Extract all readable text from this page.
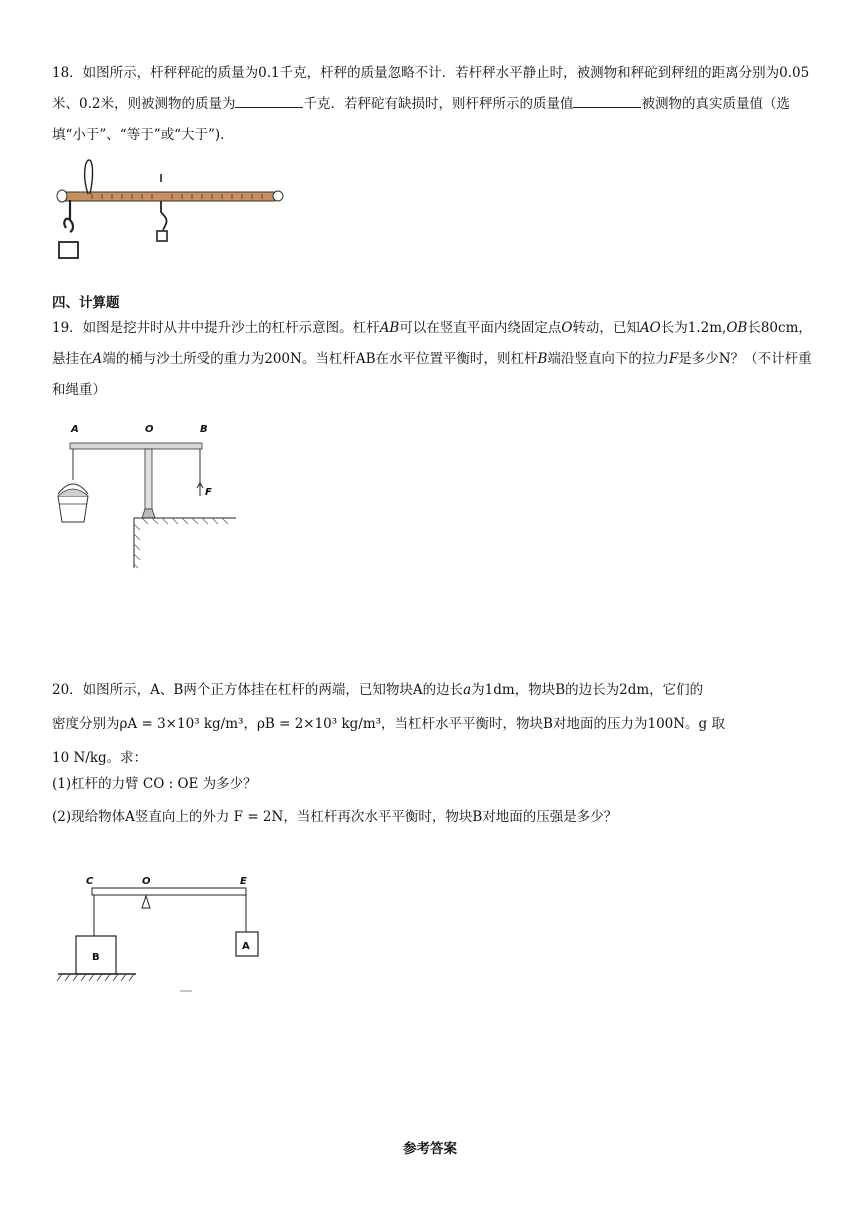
18．如图所示，杆秤秤砣的质量为0.1千克，杆秤的质量忽略不计．若杆秤水平静止时，被测物和秤砣到秤纽的距离分别为0.05米、0.2米，则被测物的质量为	千克．若秤砣有缺损时，则杆秤所示的质量值	被测物的真实质量值（选填“小于”、“等于”或“大于”).

四、计算题

19．如图是挖井时从井中提升沙土的杠杆示意图。杠杆AB可以在竖直平面内绕固定点O转动，已知AO长为1.2m,OB长80cm，悬挂在A端的桶与沙土所受的重力为200N。当杠杆AB在水平位置平衡时，则杠杆B端沿竖直向下的拉力F是多少N？（不计杆重和绳重）

A	O	B
F

20．如图所示，A、B两个正方体挂在杠杆的两端，已知物块A的边长a为1dm，物块B的边长为2dm，它们的
密度分别为ρA = 3×10³ kg/m³，ρB = 2×10³ kg/m³，当杠杆水平平衡时，物块B对地面的压力为100N。g 取
10 N/kg。求：

(1)杠杆的力臂 CO : OE 为多少？

(2)现给物体A竖直向上的外力 F = 2N，当杠杆再次水平平衡时，物块B对地面的压强是多少？

C	O	E
A
B
参考答案
